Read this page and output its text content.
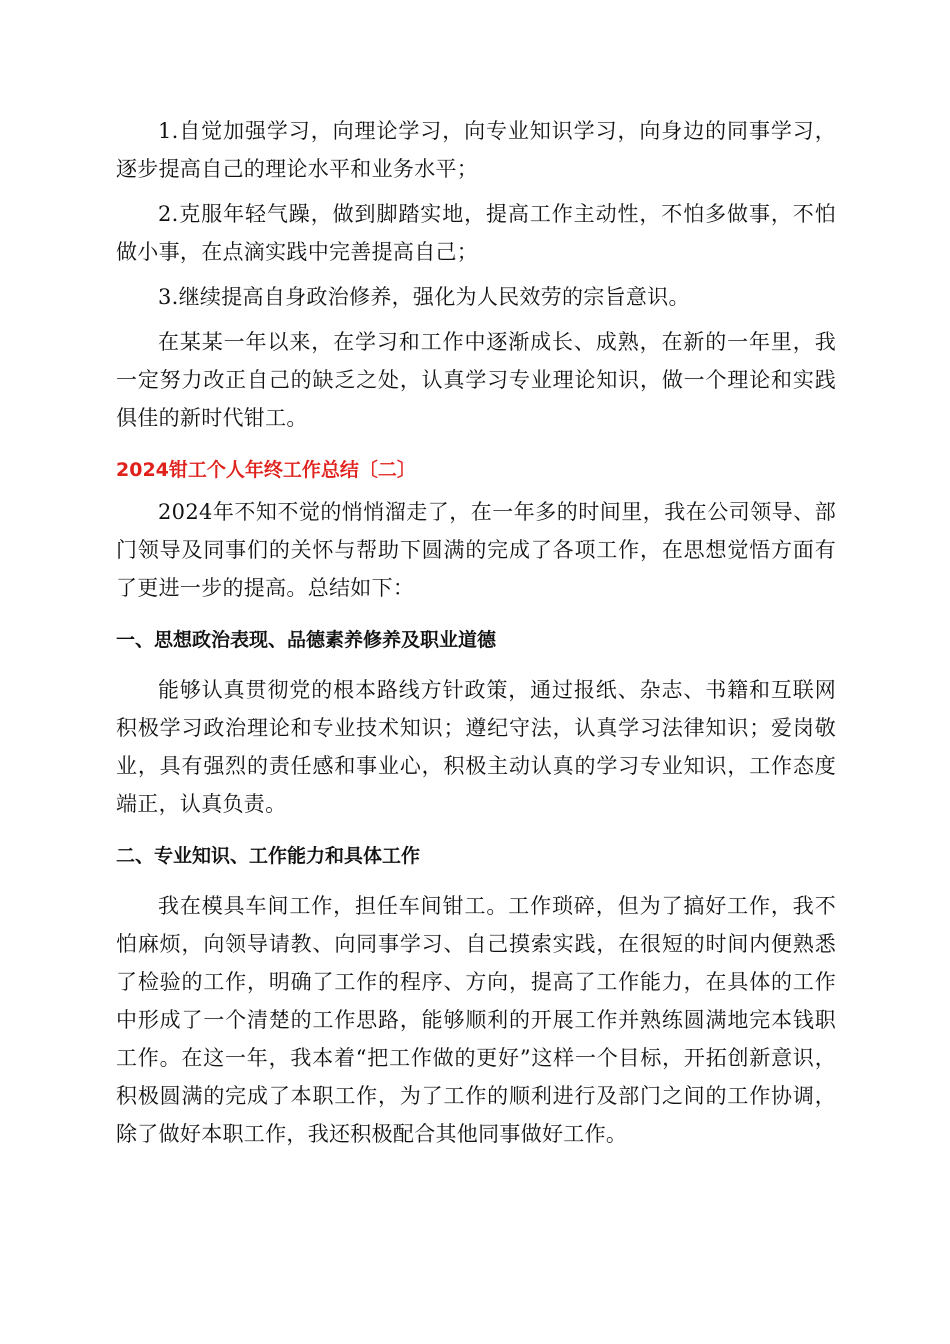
1.自觉加强学习，向理论学习，向专业知识学习，向身边的同事学习，逐步提高自己的理论水平和业务水平；

2.克服年轻气躁，做到脚踏实地，提高工作主动性，不怕多做事，不怕做小事，在点滴实践中完善提高自己；

3.继续提高自身政治修养，强化为人民效劳的宗旨意识。

在某某一年以来，在学习和工作中逐渐成长、成熟，在新的一年里，我一定努力改正自己的缺乏之处，认真学习专业理论知识，做一个理论和实践俱佳的新时代钳工。

2024钳工个人年终工作总结〔二〕

2024年不知不觉的悄悄溜走了，在一年多的时间里，我在公司领导、部门领导及同事们的关怀与帮助下圆满的完成了各项工作，在思想觉悟方面有了更进一步的提高。总结如下：

一、思想政治表现、品德素养修养及职业道德

能够认真贯彻党的根本路线方针政策，通过报纸、杂志、书籍和互联网积极学习政治理论和专业技术知识；遵纪守法，认真学习法律知识；爱岗敬业，具有强烈的责任感和事业心，积极主动认真的学习专业知识，工作态度端正，认真负责。

二、专业知识、工作能力和具体工作

我在模具车间工作，担任车间钳工。工作琐碎，但为了搞好工作，我不怕麻烦，向领导请教、向同事学习、自己摸索实践，在很短的时间内便熟悉了检验的工作，明确了工作的程序、方向，提高了工作能力，在具体的工作中形成了一个清楚的工作思路，能够顺利的开展工作并熟练圆满地完本钱职工作。在这一年，我本着“把工作做的更好”这样一个目标，开拓创新意识，积极圆满的完成了本职工作，为了工作的顺利进行及部门之间的工作协调，除了做好本职工作，我还积极配合其他同事做好工作。
